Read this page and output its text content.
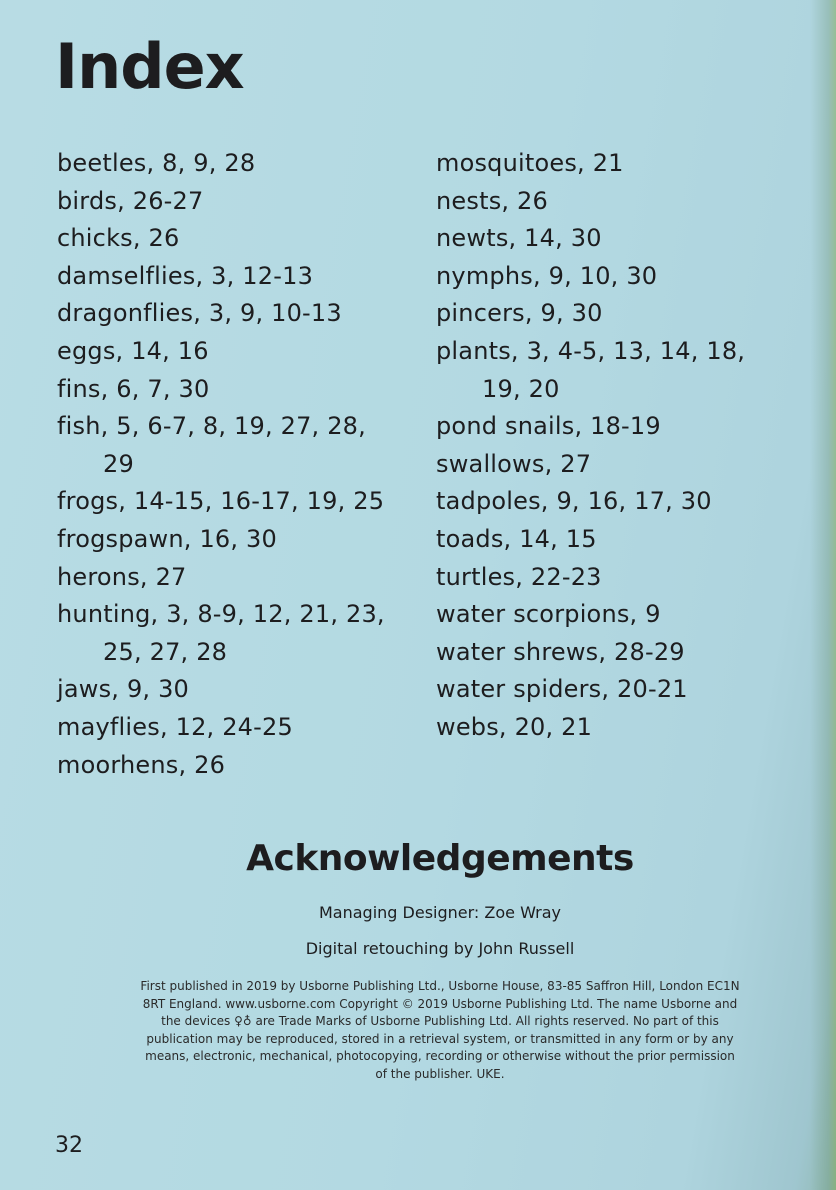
Index
beetles, 8, 9, 28
birds, 26-27
chicks, 26
damselflies, 3, 12-13
dragonflies, 3, 9, 10-13
eggs, 14, 16
fins, 6, 7, 30
fish, 5, 6-7, 8, 19, 27, 28, 29
frogs, 14-15, 16-17, 19, 25
frogspawn, 16, 30
herons, 27
hunting, 3, 8-9, 12, 21, 23, 25, 27, 28
jaws, 9, 30
mayflies, 12, 24-25
moorhens, 26
mosquitoes, 21
nests, 26
newts, 14, 30
nymphs, 9, 10, 30
pincers, 9, 30
plants, 3, 4-5, 13, 14, 18, 19, 20
pond snails, 18-19
swallows, 27
tadpoles, 9, 16, 17, 30
toads, 14, 15
turtles, 22-23
water scorpions, 9
water shrews, 28-29
water spiders, 20-21
webs, 20, 21
Acknowledgements
Managing Designer: Zoe Wray
Digital retouching by John Russell
First published in 2019 by Usborne Publishing Ltd., Usborne House, 83-85 Saffron Hill, London EC1N 8RT England. www.usborne.com Copyright © 2019 Usborne Publishing Ltd. The name Usborne and the devices ♀♁ are Trade Marks of Usborne Publishing Ltd. All rights reserved. No part of this publication may be reproduced, stored in a retrieval system, or transmitted in any form or by any means, electronic, mechanical, photocopying, recording or otherwise without the prior permission of the publisher. UKE.
32
